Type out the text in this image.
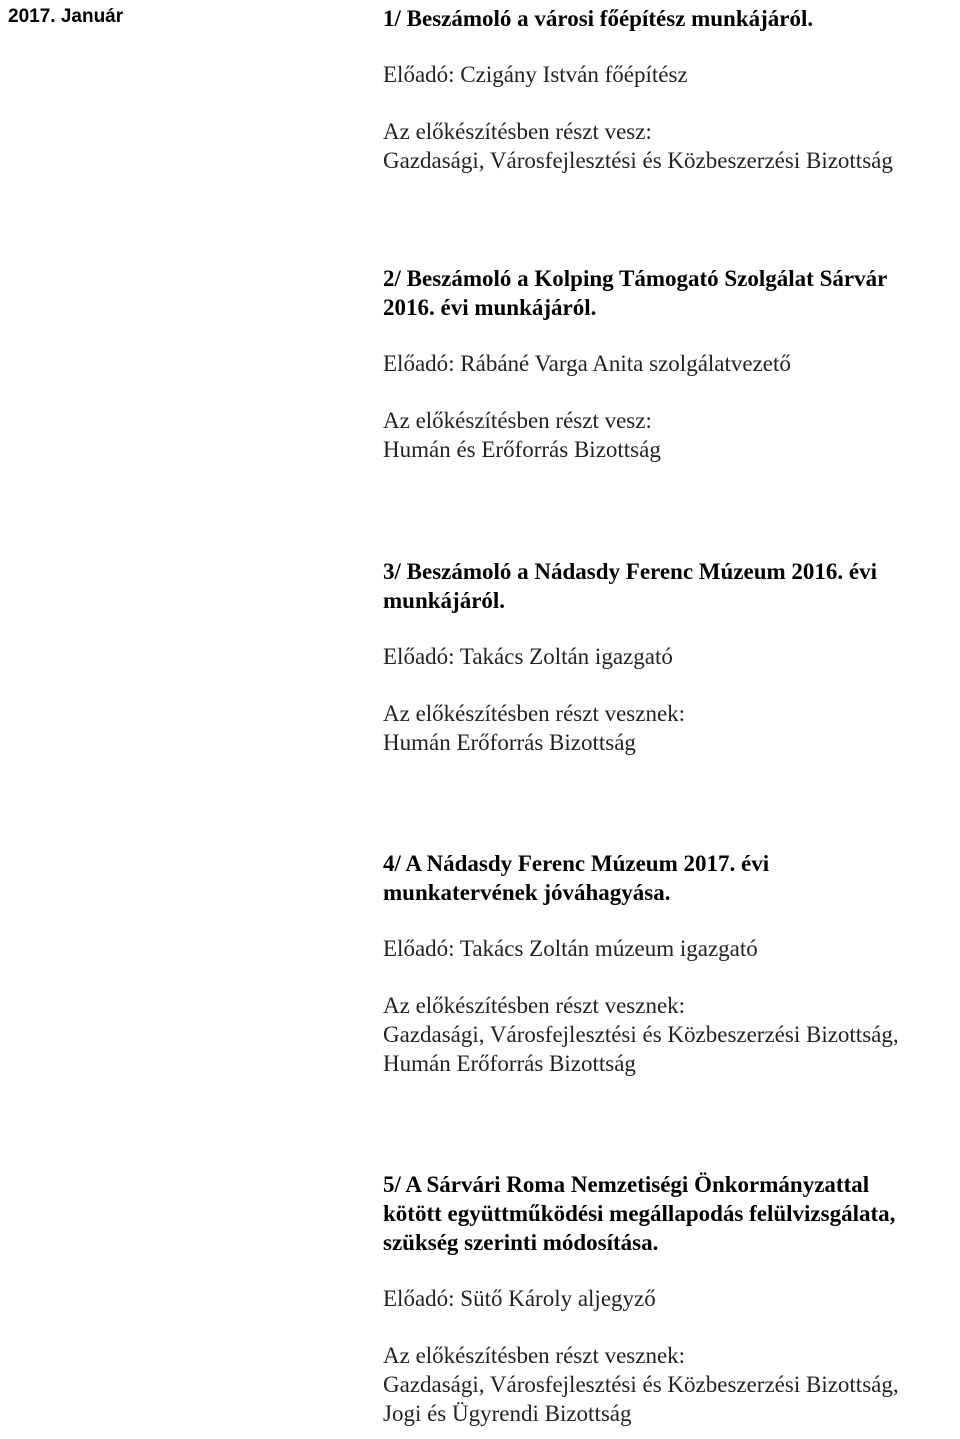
2017. Január	1/ Beszámoló a városi főépítész munkájáról.
Előadó: Czigány István főépítész
Az előkészítésben részt vesz:
Gazdasági, Városfejlesztési és Közbeszerzési Bizottság
2/ Beszámoló a Kolping Támogató Szolgálat Sárvár
2016. évi munkájáról.
Előadó: Rábáné Varga Anita szolgálatvezető
Az előkészítésben részt vesz:
Humán és Erőforrás Bizottság
3/ Beszámoló a Nádasdy Ferenc Múzeum 2016. évi
munkájáról.
Előadó: Takács Zoltán igazgató
Az előkészítésben részt vesznek:
Humán Erőforrás Bizottság
4/ A Nádasdy Ferenc Múzeum 2017. évi
munkatervének jóváhagyása.
Előadó: Takács Zoltán múzeum igazgató
Az előkészítésben részt vesznek:
Gazdasági, Városfejlesztési és Közbeszerzési Bizottság,
Humán Erőforrás Bizottság
5/ A Sárvári Roma Nemzetiségi Önkormányzattal
kötött együttműködési megállapodás felülvizsgálata,
szükség szerinti módosítása.
Előadó: Sütő Károly aljegyző
Az előkészítésben részt vesznek:
Gazdasági, Városfejlesztési és Közbeszerzési Bizottság,
Jogi és Ügyrendi Bizottság
